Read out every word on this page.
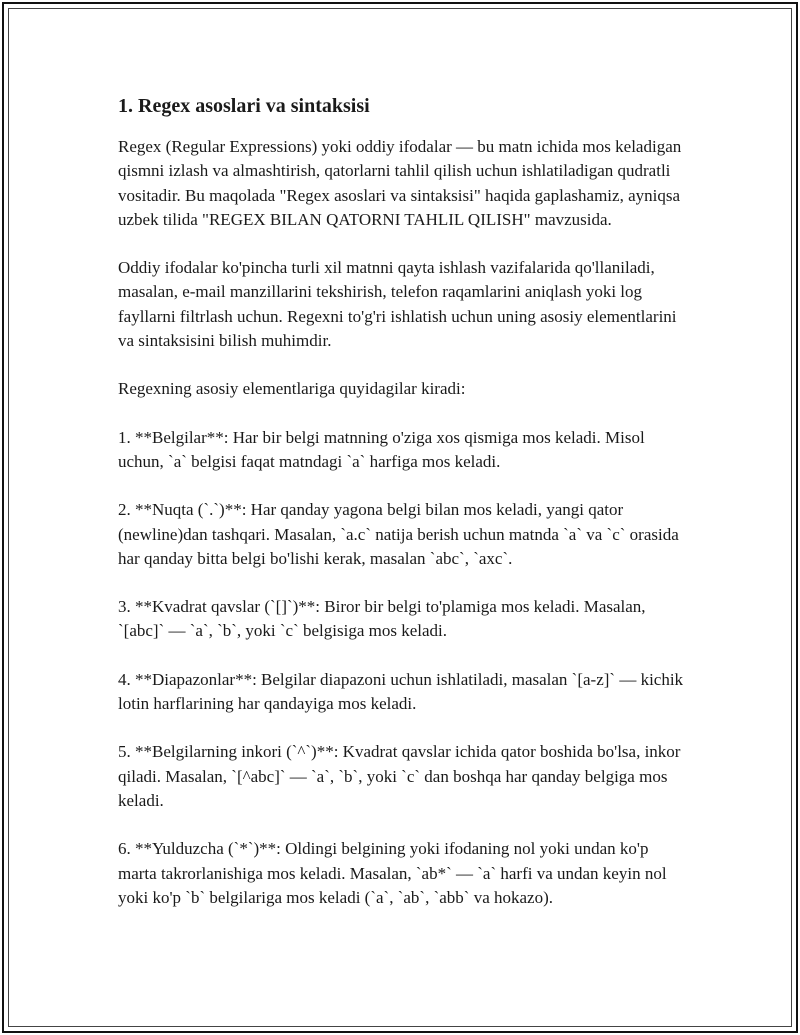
1. Regex asoslari va sintaksisi

Regex (Regular Expressions) yoki oddiy ifodalar — bu matn ichida mos keladigan qismni izlash va almashtirish, qatorlarni tahlil qilish uchun ishlatiladigan qudratli vositadir. Bu maqolada "Regex asoslari va sintaksisi" haqida gaplashamiz, ayniqsa uzbek tilida "REGEX BILAN QATORNI TAHLIL QILISH" mavzusida.

Oddiy ifodalar ko'pincha turli xil matnni qayta ishlash vazifalarida qo'llaniladi, masalan, e-mail manzillarini tekshirish, telefon raqamlarini aniqlash yoki log fayllarni filtrlash uchun. Regexni to'g'ri ishlatish uchun uning asosiy elementlarini va sintaksisini bilish muhimdir.

Regexning asosiy elementlariga quyidagilar kiradi:

1. **Belgilar**: Har bir belgi matnning o'ziga xos qismiga mos keladi. Misol uchun, `a` belgisi faqat matndagi `a` harfiga mos keladi.

2. **Nuqta (`.`)**: Har qanday yagona belgi bilan mos keladi, yangi qator (newline)dan tashqari. Masalan, `a.c` natija berish uchun matnda `a` va `c` orasida har qanday bitta belgi bo'lishi kerak, masalan `abc`, `axc`.

3. **Kvadrat qavslar (`[]`)**: Biror bir belgi to'plamiga mos keladi. Masalan, `[abc]` — `a`, `b`, yoki `c` belgisiga mos keladi.

4. **Diapazonlar**: Belgilar diapazoni uchun ishlatiladi, masalan `[a-z]` — kichik lotin harflarining har qandayiga mos keladi.

5. **Belgilarning inkori (`^`)**: Kvadrat qavslar ichida qator boshida bo'lsa, inkor qiladi. Masalan, `[^abc]` — `a`, `b`, yoki `c` dan boshqa har qanday belgiga mos keladi.

6. **Yulduzcha (`*`)**: Oldingi belgining yoki ifodaning nol yoki undan ko'p marta takrorlanishiga mos keladi. Masalan, `ab*` — `a` harfi va undan keyin nol yoki ko'p `b` belgilariga mos keladi (`a`, `ab`, `abb` va hokazo).
